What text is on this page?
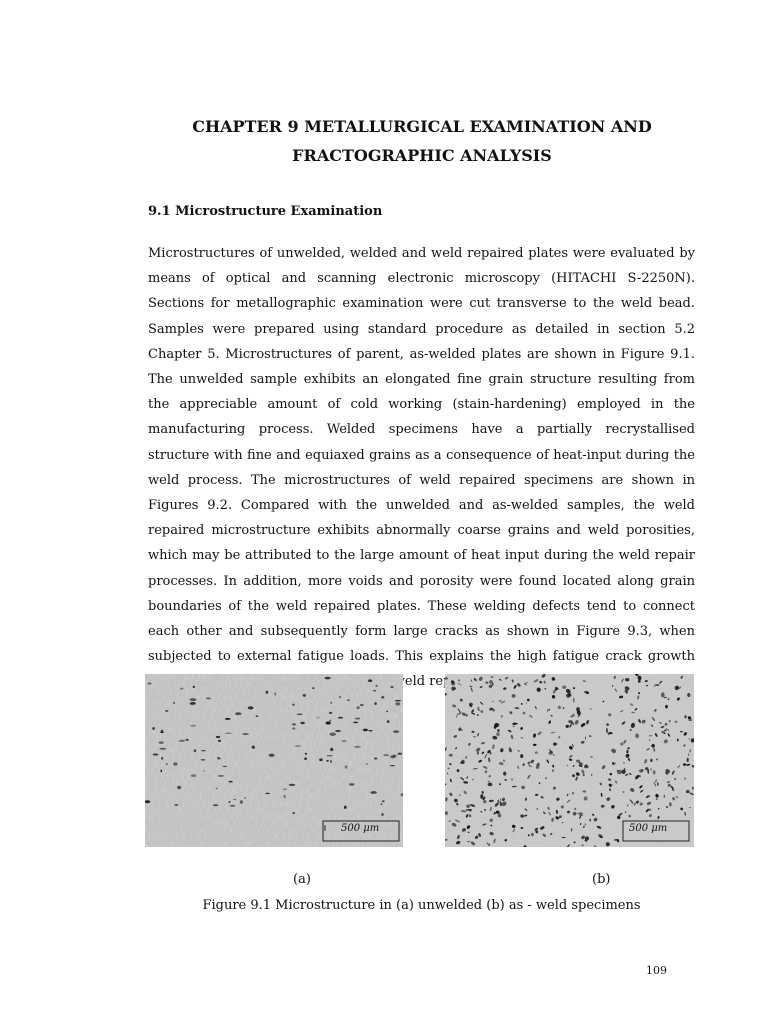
CHAPTER 9 METALLURGICAL EXAMINATION AND
FRACTOGRAPHIC ANALYSIS
9.1 Microstructure Examination

Microstructures of unwelded, welded and weld repaired plates were evaluated by means of optical and scanning electronic microscopy (HITACHI S-2250N). Sections for metallographic examination were cut transverse to the weld bead. Samples were prepared using standard procedure as detailed in section 5.2 Chapter 5. Microstructures of parent, as-welded plates are shown in Figure 9.1. The unwelded sample exhibits an elongated fine grain structure resulting from the appreciable amount of cold working (stain-hardening) employed in the manufacturing process. Welded specimens have a partially recrystallised structure with fine and equiaxed grains as a consequence of heat-input during the weld process. The microstructures of weld repaired specimens are shown in Figures 9.2. Compared with the unwelded and as-welded samples, the weld repaired microstructure exhibits abnormally coarse grains and weld porosities, which may be attributed to the large amount of heat input during the weld repair processes. In addition, more voids and porosity were found located along grain boundaries of the weld repaired plates. These welding defects tend to connect each other and subsequently form large cracks as shown in Figure 9.3, when subjected to external fatigue loads. This explains the high fatigue crack growth weld

500 μm	500 μm
(a)	(b)
Figure 9.1 Microstructure in (a) unwelded (b) as - weld specimens
109
